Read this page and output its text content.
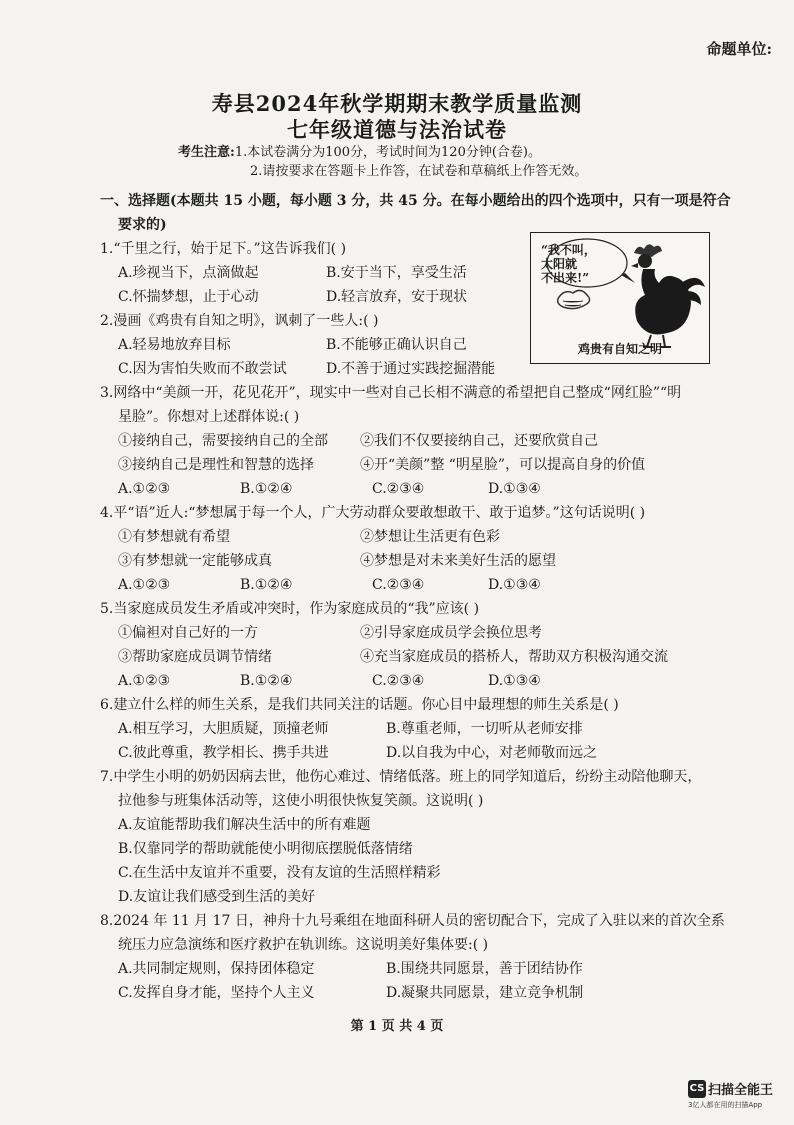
命题单位:
寿县2024年秋学期期末教学质量监测
七年级道德与法治试卷
考生注意:1.本试卷满分为100分，考试时间为120分钟(合卷)。
2.请按要求在答题卡上作答，在试卷和草稿纸上作答无效。
一、选择题(本题共 15 小题，每小题 3 分，共 45 分。在每小题给出的四个选项中，只有一项是符合
要求的)
“我不叫，
太阳就
不出来!”
鸡贵有自知之明
1.“千里之行，始于足下。”这告诉我们( )
A.珍视当下，点滴做起	B.安于当下，享受生活
C.怀揣梦想，止于心动	D.轻言放弃，安于现状
2.漫画《鸡贵有自知之明》，讽刺了一些人:( )
A.轻易地放弃目标	B.不能够正确认识自己
C.因为害怕失败而不敢尝试	D.不善于通过实践挖掘潜能
3.网络中“美颜一开，花见花开”，现实中一些对自己长相不满意的希望把自己整成“网红脸”“明
星脸”。你想对上述群体说:( )
①接纳自己，需要接纳自己的全部 ②我们不仅要接纳自己，还要欣赏自己
③接纳自己是理性和智慧的选择	④开“美颜”整 “明星脸”，可以提高自身的价值
A.①②③	B.①②④	C.②③④	D.①③④
4.平“语”近人:“梦想属于每一个人，广大劳动群众要敢想敢干、敢于追梦。”这句话说明( )
①有梦想就有希望	②梦想让生活更有色彩
③有梦想就一定能够成真	④梦想是对未来美好生活的愿望
A.①②③	B.①②④	C.②③④	D.①③④
5.当家庭成员发生矛盾或冲突时，作为家庭成员的“我”应该( )
①偏袒对自己好的一方	②引导家庭成员学会换位思考
③帮助家庭成员调节情绪	④充当家庭成员的搭桥人，帮助双方积极沟通交流
A.①②③	B.①②④	C.②③④	D.①③④
6.建立什么样的师生关系，是我们共同关注的话题。你心目中最理想的师生关系是( )
A.相互学习，大胆质疑，顶撞老师	B.尊重老师，一切听从老师安排
C.彼此尊重，教学相长、携手共进	D.以自我为中心，对老师敬而远之
7.中学生小明的奶奶因病去世，他伤心难过、情绪低落。班上的同学知道后，纷纷主动陪他聊天，
拉他参与班集体活动等，这使小明很快恢复笑颜。这说明( )
A.友谊能帮助我们解决生活中的所有难题
B.仅靠同学的帮助就能使小明彻底摆脱低落情绪
C.在生活中友谊并不重要，没有友谊的生活照样精彩
D.友谊让我们感受到生活的美好
8.2024 年 11 月 17 日，神舟十九号乘组在地面科研人员的密切配合下，完成了入驻以来的首次全系
统压力应急演练和医疗救护在轨训练。这说明美好集体要:( )
A.共同制定规则，保持团体稳定	B.围绕共同愿景，善于团结协作
C.发挥自身才能，坚持个人主义	D.凝聚共同愿景，建立竞争机制
第 1 页 共 4 页
CS 扫描全能王
3亿人都在用的扫描App
